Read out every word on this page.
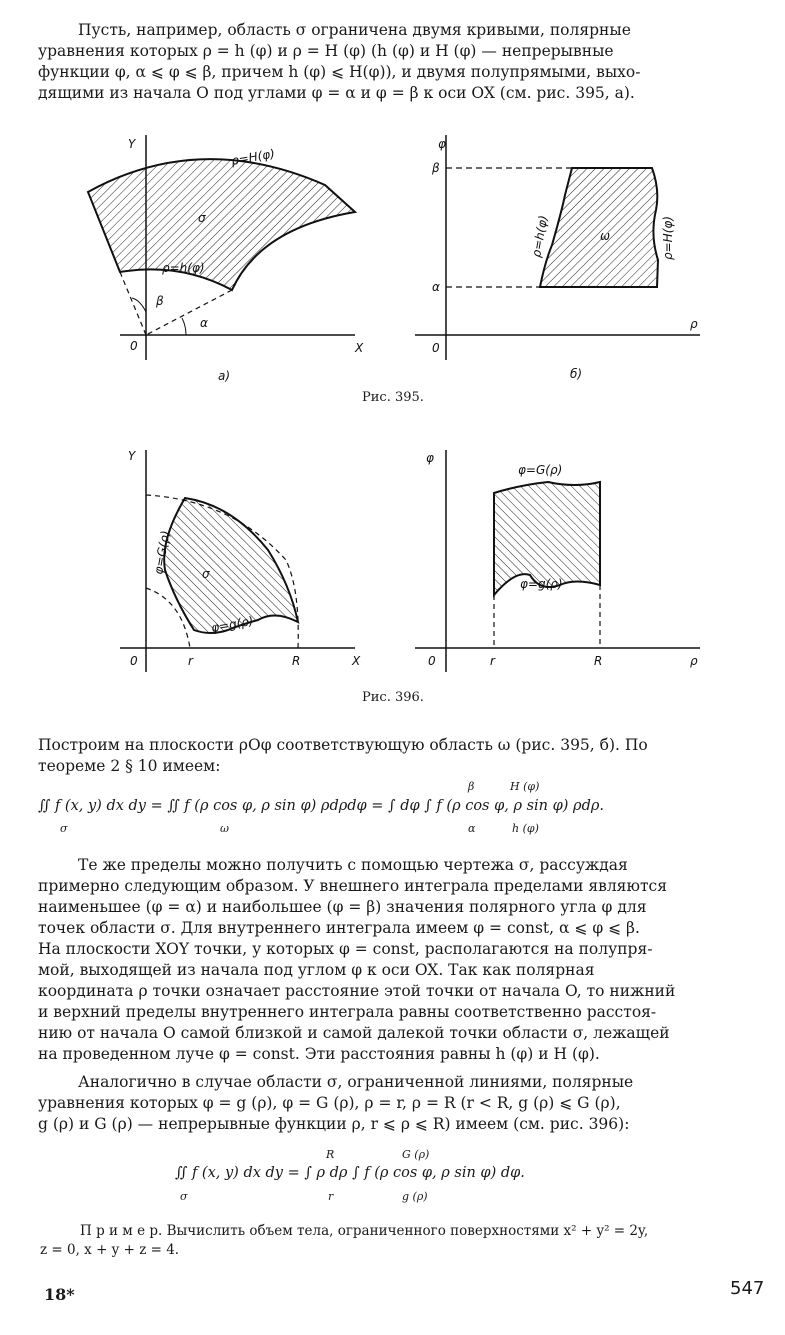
Пусть, например, область σ ограничена двумя кривыми, полярные
уравнения которых ρ = h (φ) и ρ = H (φ) (h (φ) и H (φ) — непрерывные
функции φ, α ⩽ φ ⩽ β, причем h (φ) ⩽ H(φ)), и двумя полупрямыми, выхо-
дящими из начала O под углами φ = α и φ = β к оси OX (см. рис. 395, а).
Y
X
0
ρ=H(φ)
ρ=h(φ)
σ
β
α
а)
φ
ρ
0
β
α
ρ=h(φ)	ρ=H(φ)
ω
б)
Y
X
0	r	R
φ=G(ρ)
φ=g(ρ)
σ
φ
ρ
0	r	R
φ=G(ρ)
φ=g(ρ)
Рис. 395.
Рис. 396.
Построим на плоскости ρOφ соответствующую область ω (рис. 395, б). По
теореме 2 § 10 имеем:
∬ f (x, y) dx dy = ∬ f (ρ cos φ, ρ sin φ) ρdρdφ = ∫ dφ ∫ f (ρ cos φ, ρ sin φ) ρdρ.
σ	ω
β
α
H (φ)
h (φ)
Те же пределы можно получить с помощью чертежа σ, рассуждая
примерно следующим образом. У внешнего интеграла пределами являются
наименьшее (φ = α) и наибольшее (φ = β) значения полярного угла φ для
точек области σ. Для внутреннего интеграла имеем φ = const, α ⩽ φ ⩽ β.
На плоскости XOY точки, у которых φ = const, располагаются на полупря-
мой, выходящей из начала под углом φ к оси OX. Так как полярная
координата ρ точки означает расстояние этой точки от начала O, то нижний
и верхний пределы внутреннего интеграла равны соответственно расстоя-
нию от начала O самой близкой и самой далекой точки области σ, лежащей
на проведенном луче φ = const. Эти расстояния равны h (φ) и H (φ).
Аналогично в случае области σ, ограниченной линиями, полярные
уравнения которых φ = g (ρ), φ = G (ρ), ρ = r, ρ = R (r < R, g (ρ) ⩽ G (ρ),
g (ρ) и G (ρ) — непрерывные функции ρ, r ⩽ ρ ⩽ R) имеем (см. рис. 396):
∬ f (x, y) dx dy = ∫ ρ dρ ∫ f (ρ cos φ, ρ sin φ) dφ.
σ
R
r
G (ρ)
g (ρ)
П р и м е р. Вычислить объем тела, ограниченного поверхностями x² + y² = 2y,
z = 0, x + y + z = 4.
18*	547
